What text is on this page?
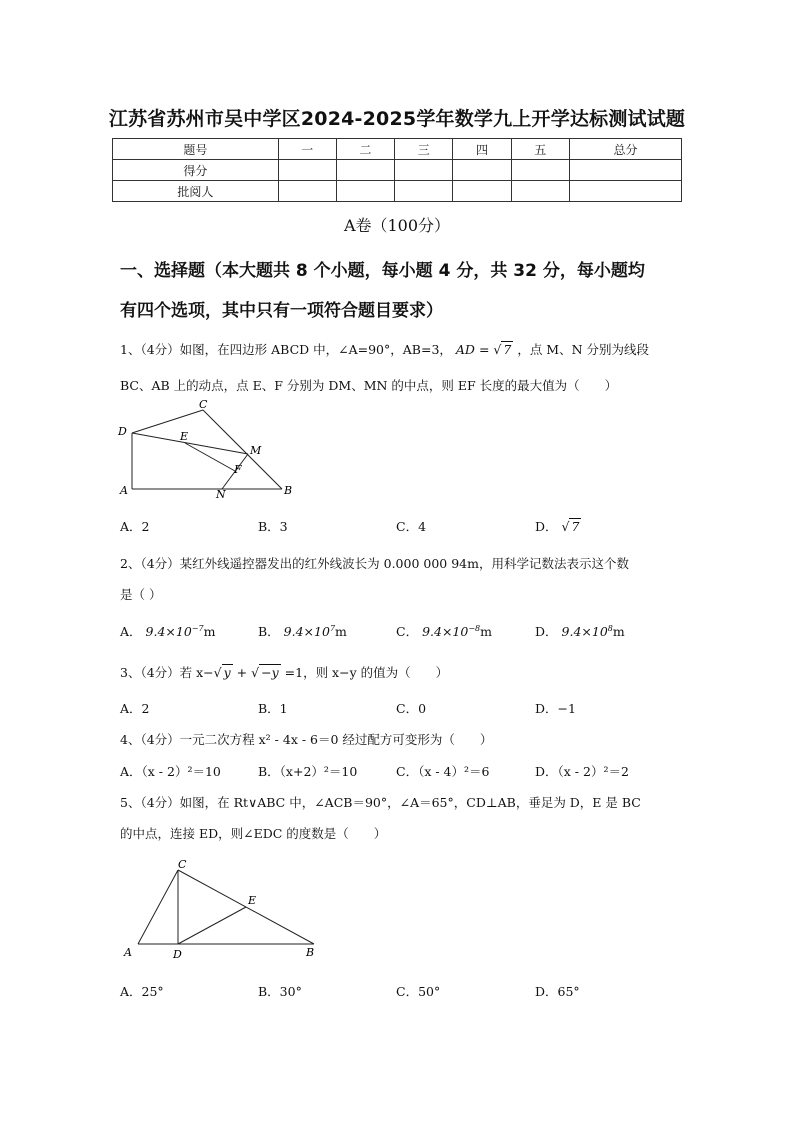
江苏省苏州市吴中学区2024-2025学年数学九上开学达标测试试题
题号	一	二	三	四	五	总分
得分						
批阅人						
A卷（100分）
一、选择题（本大题共 8 个小题，每小题 4 分，共 32 分，每小题均
有四个选项，其中只有一项符合题目要求）
1、（4分）如图，在四边形 ABCD 中，∠A=90°，AB=3， AD = √ 7 ，点 M、N 分别为线段
BC、AB 上的动点，点 E、F 分别为 DM、MN 的中点，则 EF 长度的最大值为（　　）
C
D	E
M
F
A	N	B
A．2	B．3	C．4	D． √ 7
2、（4分）某红外线遥控器发出的红外线波长为 0.000 000 94m，用科学记数法表示这个数
是（ ）
A． $9.4\times 10^{-7}m$	B． $9.4\times 10^7m$	C． $9.4\times 10^{-8}m$	D． $9.4\times 10^8m$
3、（4分）若 x−√ y + √ −y =1，则 x−y 的值为（　　）
A．2	B．1	C．0	D．−1
4、（4分）一元二次方程 x² - 4x - 6＝0 经过配方可变形为（　　）
A．（x - 2）²＝10	B．（x+2）²＝10	C．（x - 4）²＝6	D．（x - 2）²＝2
5、（4分）如图，在 Rt∨ABC 中，∠ACB＝90°，∠A＝65°，CD⊥AB，垂足为 D，E 是 BC
的中点，连接 ED，则∠EDC 的度数是（　　）
C
E
A	D	B
A．25°	B．30°	C．50°	D．65°
